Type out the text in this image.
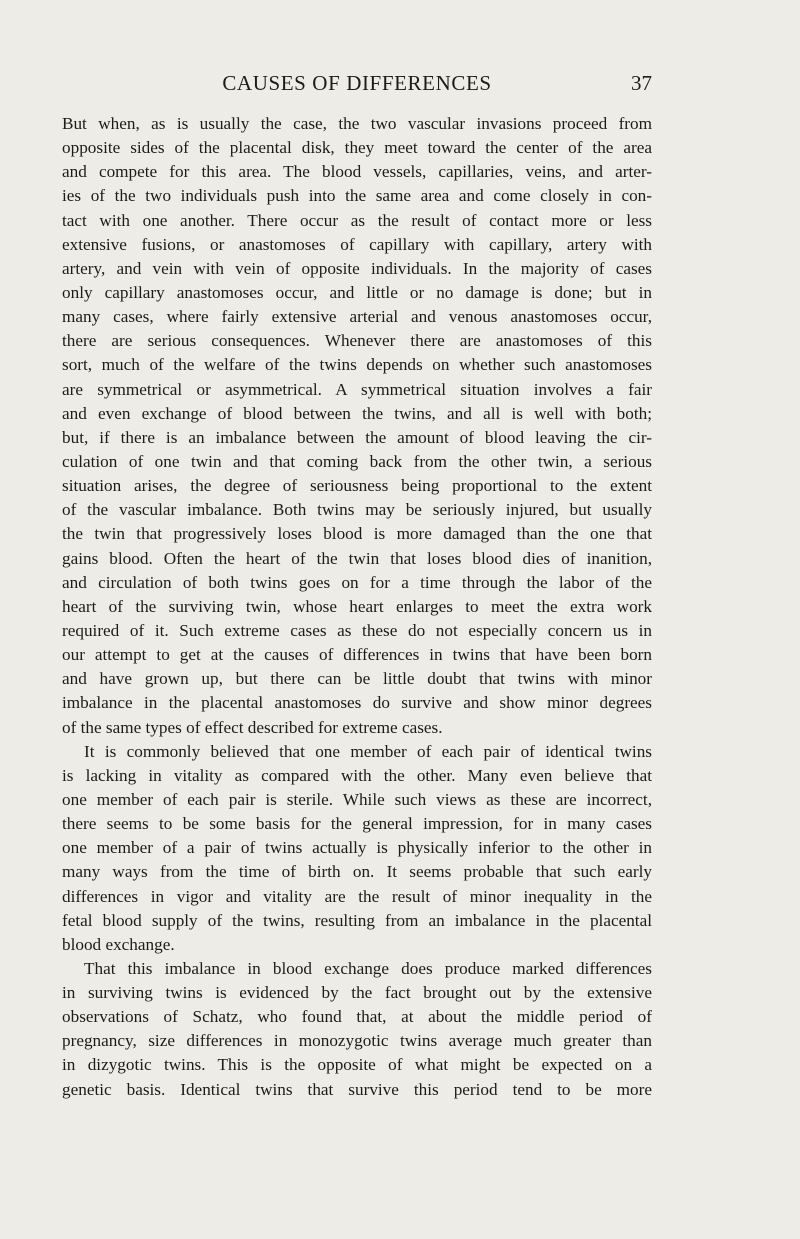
CAUSES OF DIFFERENCES	37
But when, as is usually the case, the two vascular invasions proceed from
opposite sides of the placental disk, they meet toward the center of the area
and compete for this area. The blood vessels, capillaries, veins, and arter-
ies of the two individuals push into the same area and come closely in con-
tact with one another. There occur as the result of contact more or less
extensive fusions, or anastomoses of capillary with capillary, artery with
artery, and vein with vein of opposite individuals. In the majority of cases
only capillary anastomoses occur, and little or no damage is done; but in
many cases, where fairly extensive arterial and venous anastomoses occur,
there are serious consequences. Whenever there are anastomoses of this
sort, much of the welfare of the twins depends on whether such anastomoses
are symmetrical or asymmetrical. A symmetrical situation involves a fair
and even exchange of blood between the twins, and all is well with both;
but, if there is an imbalance between the amount of blood leaving the cir-
culation of one twin and that coming back from the other twin, a serious
situation arises, the degree of seriousness being proportional to the extent
of the vascular imbalance. Both twins may be seriously injured, but usually
the twin that progressively loses blood is more damaged than the one that
gains blood. Often the heart of the twin that loses blood dies of inanition,
and circulation of both twins goes on for a time through the labor of the
heart of the surviving twin, whose heart enlarges to meet the extra work
required of it. Such extreme cases as these do not especially concern us in
our attempt to get at the causes of differences in twins that have been born
and have grown up, but there can be little doubt that twins with minor
imbalance in the placental anastomoses do survive and show minor degrees
of the same types of effect described for extreme cases.
It is commonly believed that one member of each pair of identical twins
is lacking in vitality as compared with the other. Many even believe that
one member of each pair is sterile. While such views as these are incorrect,
there seems to be some basis for the general impression, for in many cases
one member of a pair of twins actually is physically inferior to the other in
many ways from the time of birth on. It seems probable that such early
differences in vigor and vitality are the result of minor inequality in the
fetal blood supply of the twins, resulting from an imbalance in the placental
blood exchange.
That this imbalance in blood exchange does produce marked differences
in surviving twins is evidenced by the fact brought out by the extensive
observations of Schatz, who found that, at about the middle period of
pregnancy, size differences in monozygotic twins average much greater than
in dizygotic twins. This is the opposite of what might be expected on a
genetic basis. Identical twins that survive this period tend to be more
